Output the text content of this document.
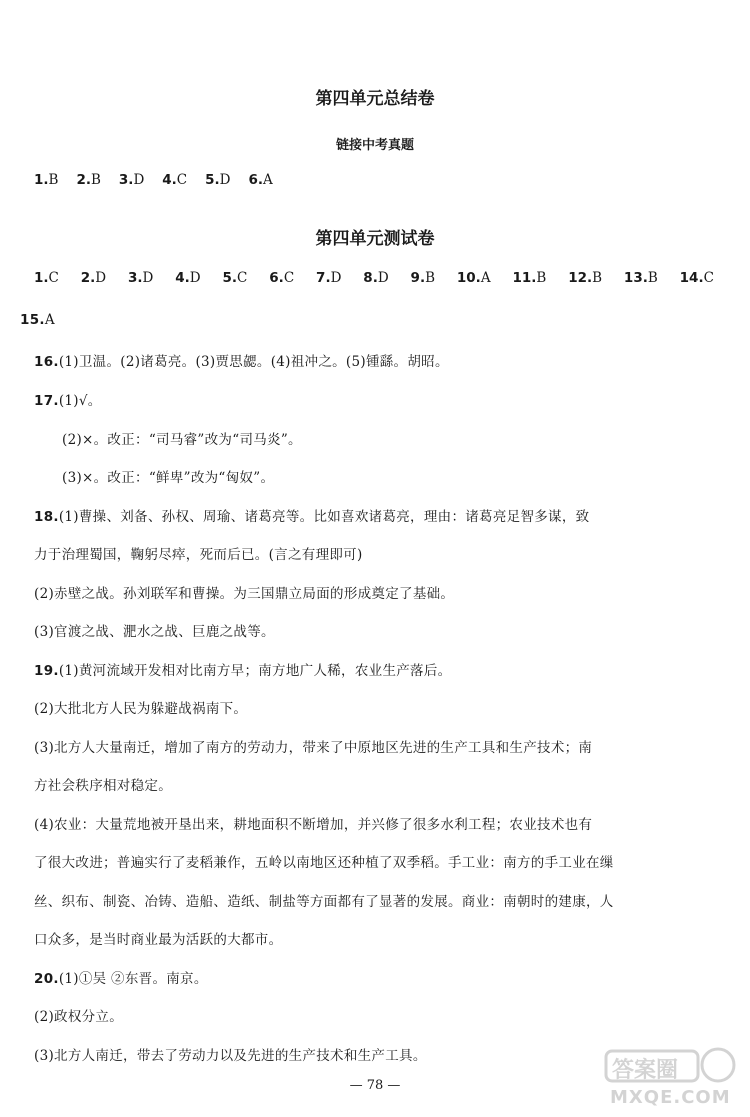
第四单元总结卷
链接中考真题
1.B 2.B 3.D 4.C 5.D 6.A
第四单元测试卷
1.C 2.D 3.D 4.D 5.C 6.C 7.D 8.D 9.B 10.A 11.B 12.B 13.B 14.C
15.A
16.(1)卫温。(2)诸葛亮。(3)贾思勰。(4)祖冲之。(5)锺繇。胡昭。
17.(1)√。
(2)×。改正：“司马睿”改为“司马炎”。
(3)×。改正：“鲜卑”改为“匈奴”。
18.(1)曹操、刘备、孙权、周瑜、诸葛亮等。比如喜欢诸葛亮，理由：诸葛亮足智多谋，致
力于治理蜀国，鞠躬尽瘁，死而后已。(言之有理即可)
(2)赤壁之战。孙刘联军和曹操。为三国鼎立局面的形成奠定了基础。
(3)官渡之战、淝水之战、巨鹿之战等。
19.(1)黄河流域开发相对比南方早；南方地广人稀，农业生产落后。
(2)大批北方人民为躲避战祸南下。
(3)北方人大量南迁，增加了南方的劳动力，带来了中原地区先进的生产工具和生产技术；南
方社会秩序相对稳定。
(4)农业：大量荒地被开垦出来，耕地面积不断增加，并兴修了很多水利工程；农业技术也有
了很大改进；普遍实行了麦稻兼作，五岭以南地区还种植了双季稻。手工业：南方的手工业在缫
丝、织布、制瓷、冶铸、造船、造纸、制盐等方面都有了显著的发展。商业：南朝时的建康，人
口众多，是当时商业最为活跃的大都市。
20.(1)①吴 ②东晋。南京。
(2)政权分立。
(3)北方人南迁，带去了劳动力以及先进的生产技术和生产工具。
— 78 —
答案圈
MXQE.COM
